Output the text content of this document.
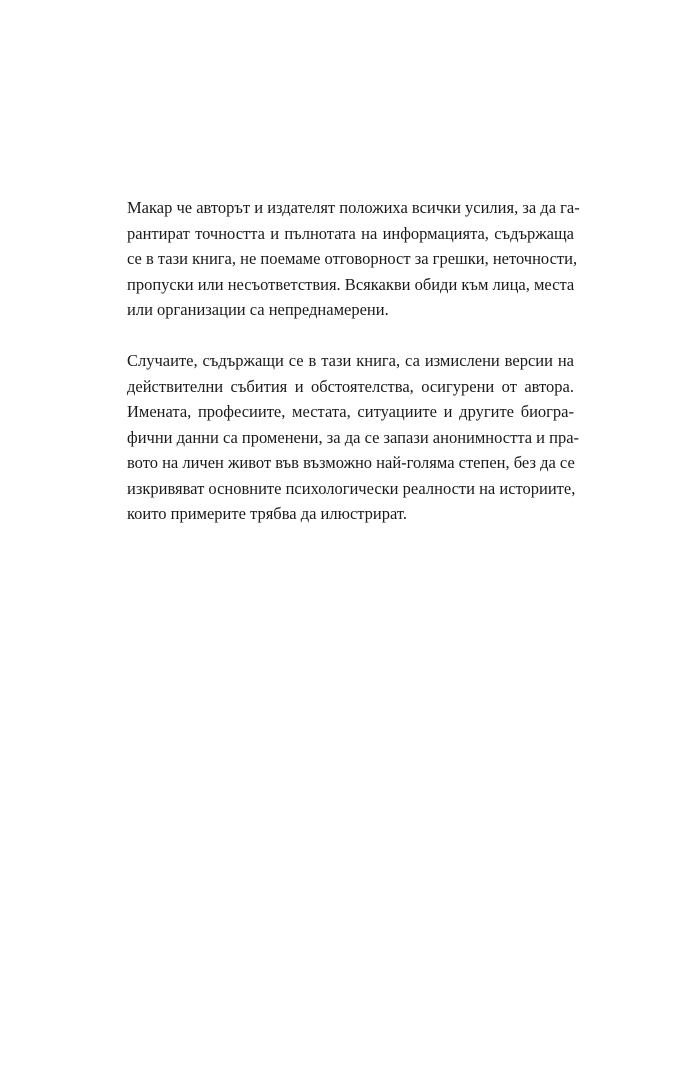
Макар че авторът и издателят положиха всички усилия, за да га-
рантират точността и пълнотата на информацията, съдържаща
се в тази книга, не поемаме отговорност за грешки, неточности,
пропуски или несъответствия. Всякакви обиди към лица, места
или организации са непреднамерени.
Случаите, съдържащи се в тази книга, са измислени версии на
действителни събития и обстоятелства, осигурени от автора.
Имената, професиите, местата, ситуациите и другите биогра-
фични данни са променени, за да се запази анонимността и пра-
вото на личен живот във възможно най-голяма степен, без да се
изкривяват основните психологически реалности на историите,
които примерите трябва да илюстрират.
